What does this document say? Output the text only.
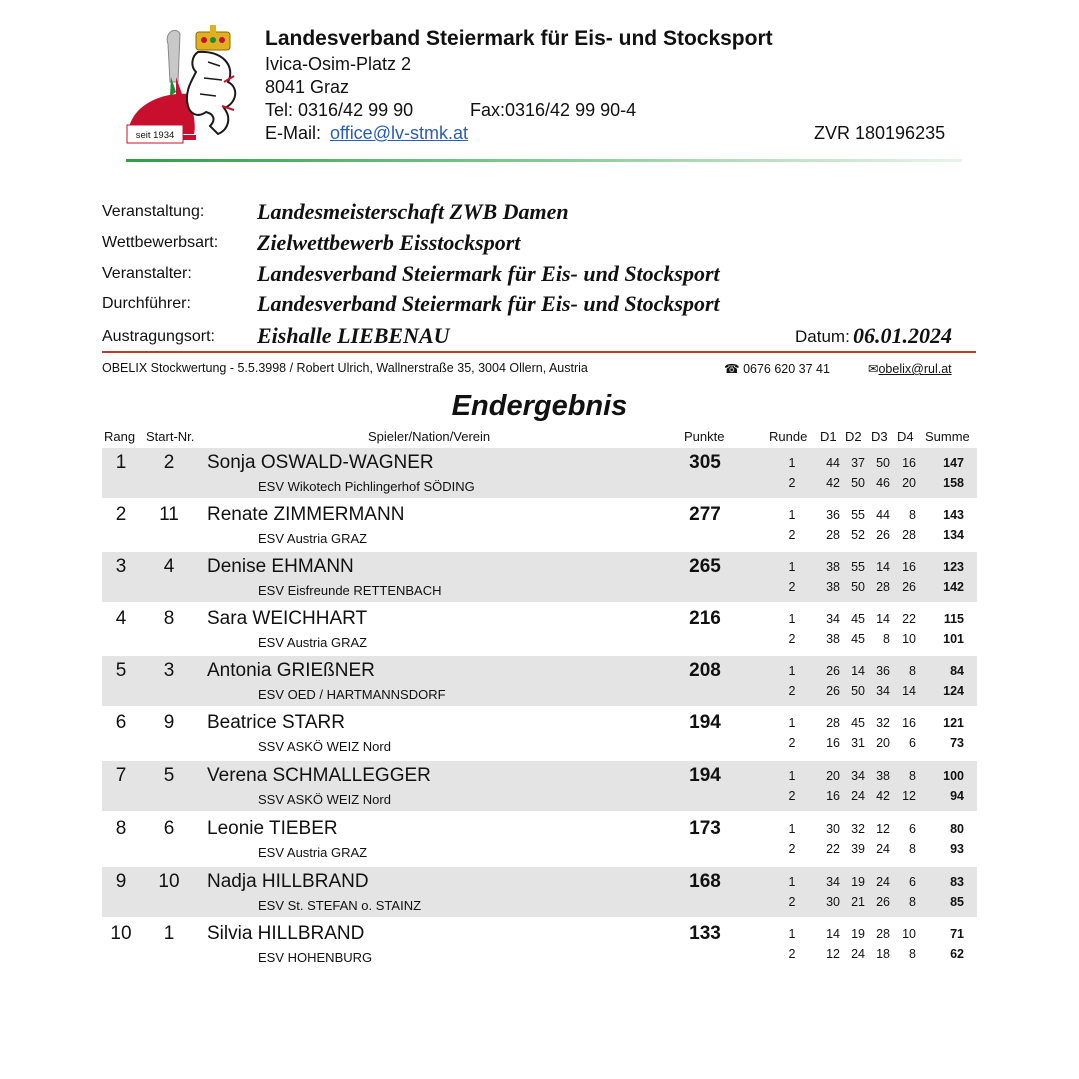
seit 1934
Landesverband Steiermark für Eis- und Stocksport
Ivica-Osim-Platz 2
8041 Graz
Tel: 0316/42 99 90	Fax:0316/42 99 90-4
E-Mail: office@lv-stmk.at	ZVR 180196235
Veranstaltung: Landesmeisterschaft ZWB Damen
Wettbewerbsart: Zielwettbewerb Eisstocksport
Veranstalter:	Landesverband Steiermark für Eis- und Stocksport
Durchführer:	Landesverband Steiermark für Eis- und Stocksport
Austragungsort: Eishalle LIEBENAU	Datum: 06.01.2024
OBELIX Stockwertung - 5.5.3998 / Robert Ulrich, Wallnerstraße 35, 3004 Ollern, Austria	☎ 0676 620 37 41	✉obelix@rul.at
Endergebnis
Rang Start-Nr.	Spieler/Nation/Verein	Punkte	Runde D1 D2 D3 D4 Summe
1	2	Sonja OSWALD-WAGNER
ESV Wikotech Pichlingerhof SÖDING
305	1	44 37 50 16	147
2	42 50 46 20	158
2	11 Renate ZIMMERMANN
ESV Austria GRAZ
277	1	36 55 44	8	143
2	28 52 26 28	134
3	4	Denise EHMANN
ESV Eisfreunde RETTENBACH
265	1	38 55 14 16	123
2	38 50 28 26	142
4	8	Sara WEICHHART
ESV Austria GRAZ
216	1	34 45 14 22	115
2	38 45	8 10	101
5	3	Antonia GRIEßNER
ESV OED / HARTMANNSDORF
208	1	26 14 36	8	84
2	26 50 34 14	124
6	9	Beatrice STARR
SSV ASKÖ WEIZ Nord
194	1	28 45 32 16	121
2	16 31 20	6	73
7	5	Verena SCHMALLEGGER
SSV ASKÖ WEIZ Nord
194	1	20 34 38	8	100
2	16 24 42 12	94
8	6	Leonie TIEBER
ESV Austria GRAZ
173	1	30 32 12	6	80
2	22 39 24	8	93
9	10 Nadja HILLBRAND
ESV St. STEFAN o. STAINZ
168	1	34 19 24	6	83
2	30 21 26	8	85
10	1	Silvia HILLBRAND
ESV HOHENBURG
133	1	14 19 28 10	71
2	12 24 18	8	62
